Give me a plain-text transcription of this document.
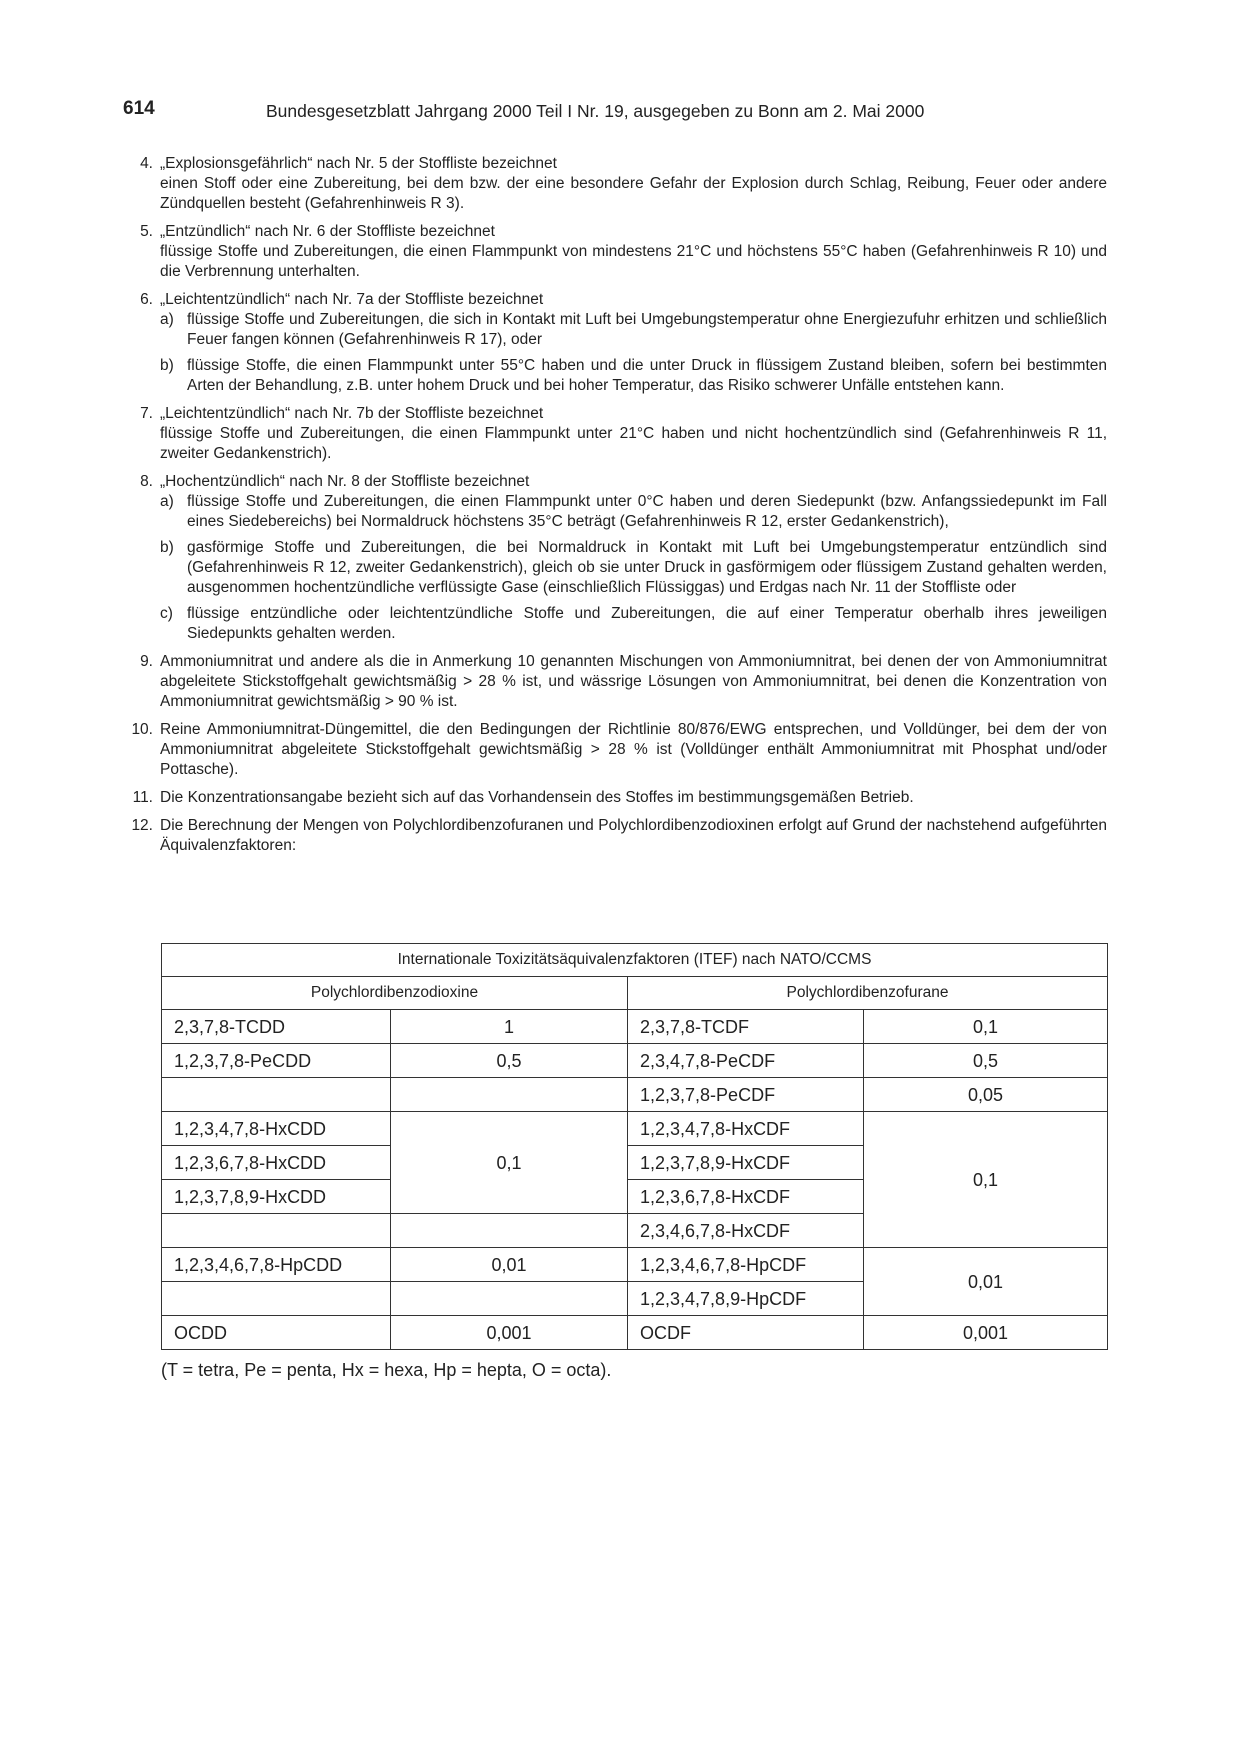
614	Bundesgesetzblatt Jahrgang 2000 Teil I Nr. 19, ausgegeben zu Bonn am 2. Mai 2000
4. „Explosionsgefährlich“ nach Nr. 5 der Stoffliste bezeichnet

einen Stoff oder eine Zubereitung, bei dem bzw. der eine besondere Gefahr der Explosion durch Schlag, Reibung, Feuer oder andere Zündquellen besteht (Gefahrenhinweis R 3).

5. „Entzündlich“ nach Nr. 6 der Stoffliste bezeichnet

flüssige Stoffe und Zubereitungen, die einen Flammpunkt von mindestens 21°C und höchstens 55°C haben (Gefahrenhinweis R 10) und die Verbrennung unterhalten.

6. „Leichtentzündlich“ nach Nr. 7a der Stoffliste bezeichnet

a) flüssige Stoffe und Zubereitungen, die sich in Kontakt mit Luft bei Umgebungstemperatur ohne Energiezufuhr erhitzen und schließlich Feuer fangen können (Gefahrenhinweis R 17), oder
b) flüssige Stoffe, die einen Flammpunkt unter 55°C haben und die unter Druck in flüssigem Zustand bleiben, sofern bei bestimmten Arten der Behandlung, z.B. unter hohem Druck und bei hoher Temperatur, das Risiko schwerer Unfälle entstehen kann.
7. „Leichtentzündlich“ nach Nr. 7b der Stoffliste bezeichnet

flüssige Stoffe und Zubereitungen, die einen Flammpunkt unter 21°C haben und nicht hochentzündlich sind (Gefahrenhinweis R 11, zweiter Gedankenstrich).

8. „Hochentzündlich“ nach Nr. 8 der Stoffliste bezeichnet

a) flüssige Stoffe und Zubereitungen, die einen Flammpunkt unter 0°C haben und deren Siedepunkt (bzw. Anfangssiedepunkt im Fall eines Siedebereichs) bei Normaldruck höchstens 35°C beträgt (Gefahrenhinweis R 12, erster Gedankenstrich),
b) gasförmige Stoffe und Zubereitungen, die bei Normaldruck in Kontakt mit Luft bei Umgebungstemperatur entzündlich sind (Gefahrenhinweis R 12, zweiter Gedankenstrich), gleich ob sie unter Druck in gasförmigem oder flüssigem Zustand gehalten werden, ausgenommen hochentzündliche verflüssigte Gase (einschließlich Flüssiggas) und Erdgas nach Nr. 11 der Stoffliste oder
c) flüssige entzündliche oder leichtentzündliche Stoffe und Zubereitungen, die auf einer Temperatur oberhalb ihres jeweiligen Siedepunkts gehalten werden.
9. Ammoniumnitrat und andere als die in Anmerkung 10 genannten Mischungen von Ammoniumnitrat, bei denen der von Ammoniumnitrat abgeleitete Stickstoffgehalt gewichtsmäßig > 28 % ist, und wässrige Lösungen von Ammoniumnitrat, bei denen die Konzentration von Ammoniumnitrat gewichtsmäßig > 90 % ist.

10. Reine Ammoniumnitrat-Düngemittel, die den Bedingungen der Richtlinie 80/876/EWG entsprechen, und Volldünger, bei dem der von Ammoniumnitrat abgeleitete Stickstoffgehalt gewichtsmäßig > 28 % ist (Volldünger enthält Ammoniumnitrat mit Phosphat und/oder Pottasche).

11. Die Konzentrationsangabe bezieht sich auf das Vorhandensein des Stoffes im bestimmungsgemäßen Betrieb.

12. Die Berechnung der Mengen von Polychlordibenzofuranen und Polychlordibenzodioxinen erfolgt auf Grund der nachstehend aufgeführten Äquivalenzfaktoren:

Internationale Toxizitätsäquivalenzfaktoren (ITEF) nach NATO/CCMS			
Polychlordibenzodioxine		Polychlordibenzofurane	
2,3,7,8-TCDD	1	2,3,7,8-TCDF	0,1
1,2,3,7,8-PeCDD	0,5	2,3,4,7,8-PeCDF	0,5
		1,2,3,7,8-PeCDF	0,05
1,2,3,4,7,8-HxCDD	0,1	1,2,3,4,7,8-HxCDF	0,1
1,2,3,6,7,8-HxCDD		1,2,3,7,8,9-HxCDF	
1,2,3,7,8,9-HxCDD		1,2,3,6,7,8-HxCDF	
		2,3,4,6,7,8-HxCDF	
1,2,3,4,6,7,8-HpCDD	0,01	1,2,3,4,6,7,8-HpCDF	0,01
		1,2,3,4,7,8,9-HpCDF	
OCDD	0,001	OCDF	0,001
(T = tetra, Pe = penta, Hx = hexa, Hp = hepta, O = octa).
